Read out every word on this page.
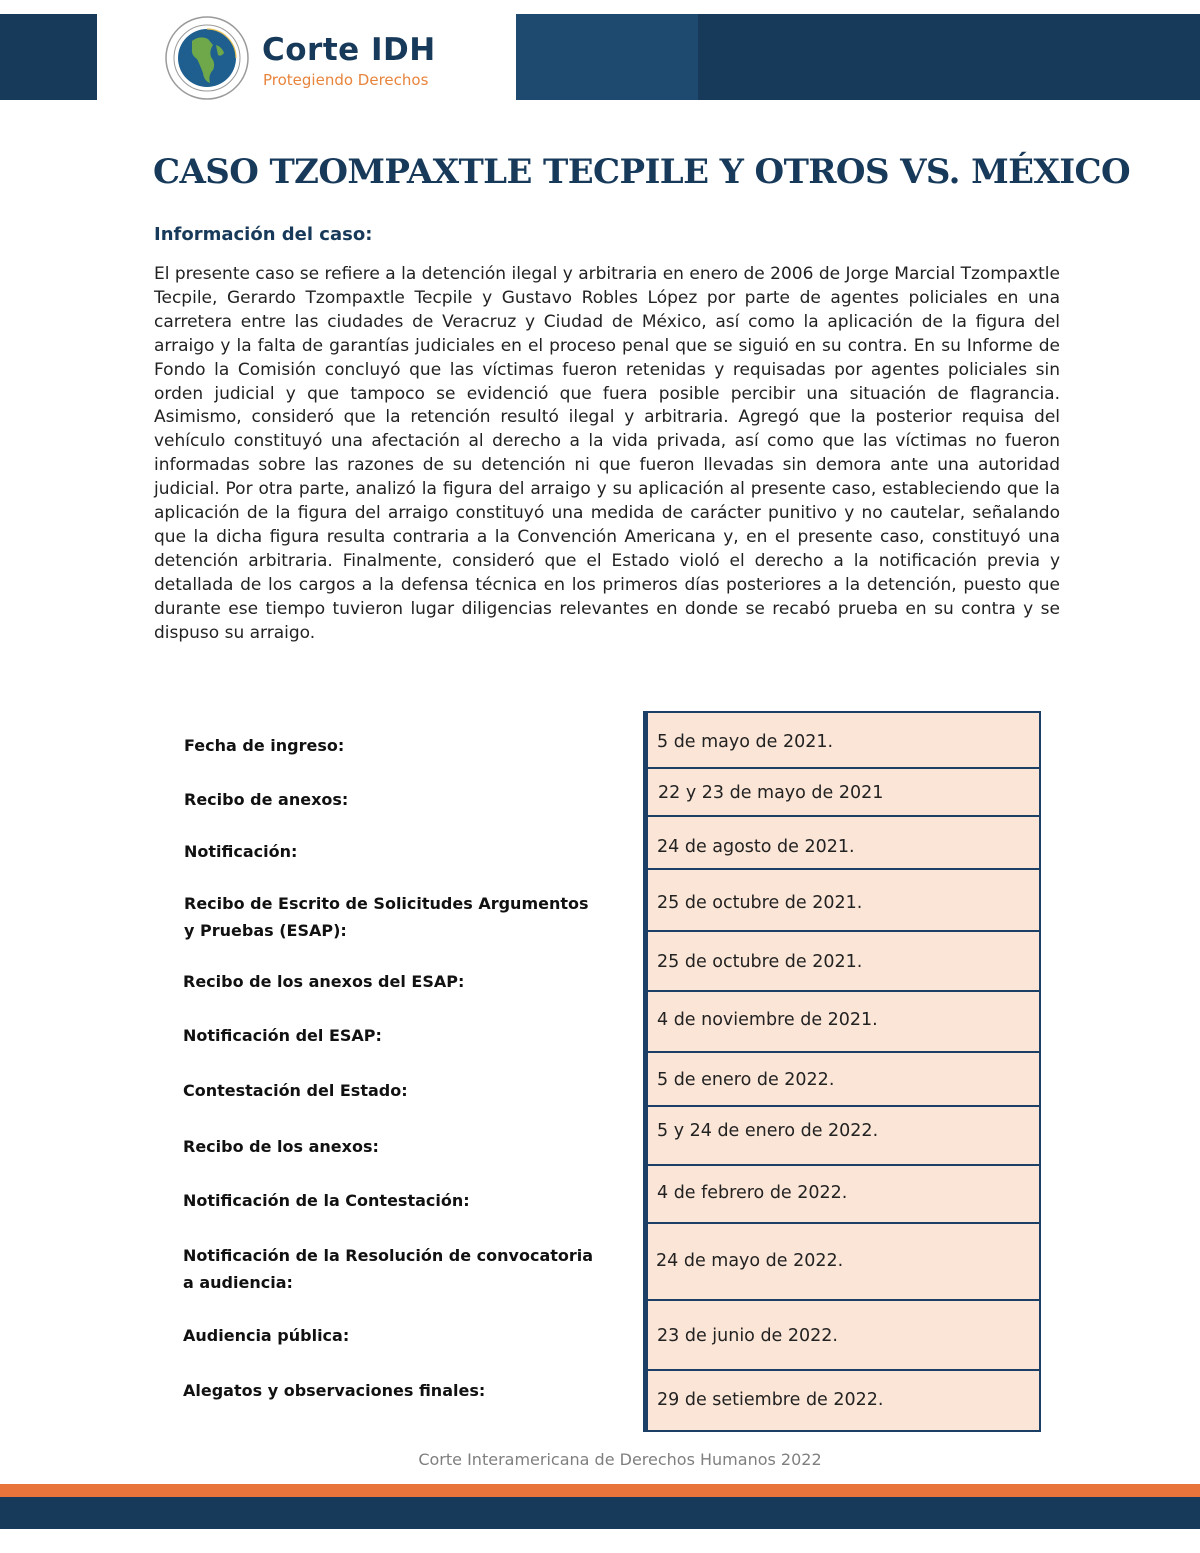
Corte IDH
Protegiendo Derechos
CASO TZOMPAXTLE TECPILE Y OTROS VS. MÉXICO
Información del caso:

El presente caso se refiere a la detención ilegal y arbitraria en enero de 2006 de Jorge Marcial Tzompaxtle Tecpile, Gerardo Tzompaxtle Tecpile y Gustavo Robles López por parte de agentes policiales en una carretera entre las ciudades de Veracruz y Ciudad de México, así como la aplicación de la figura del arraigo y la falta de garantías judiciales en el proceso penal que se siguió en su contra. En su Informe de Fondo la Comisión concluyó que las víctimas fueron retenidas y requisadas por agentes policiales sin orden judicial y que tampoco se evidenció que fuera posible percibir una situación de flagrancia. Asimismo, consideró que la retención resultó ilegal y arbitraria. Agregó que la posterior requisa del vehículo constituyó una afectación al derecho a la vida privada, así como que las víctimas no fueron informadas sobre las razones de su detención ni que fueron llevadas sin demora ante una autoridad judicial. Por otra parte, analizó la figura del arraigo y su aplicación al presente caso, estableciendo que la aplicación de la figura del arraigo constituyó una medida de carácter punitivo y no cautelar, señalando que la dicha figura resulta contraria a la Convención Americana y, en el presente caso, constituyó una detención arbitraria. Finalmente, consideró que el Estado violó el derecho a la notificación previa y detallada de los cargos a la defensa técnica en los primeros días posteriores a la detención, puesto que durante ese tiempo tuvieron lugar diligencias relevantes en donde se recabó prueba en su contra y se dispuso su arraigo.

Fecha de ingreso:
Recibo de anexos:
Notificación:
Recibo de Escrito de Solicitudes Argumentos y Pruebas (ESAP):
Recibo de los anexos del ESAP:
Notificación del ESAP:
Contestación del Estado:
Recibo de los anexos:
Notificación de la Contestación:
Notificación de la Resolución de convocatoria a audiencia:
Audiencia pública:
Alegatos y observaciones finales:
5 de mayo de 2021.
22 y 23 de mayo de 2021
24 de agosto de 2021.
25 de octubre de 2021.
25 de octubre de 2021.
4 de noviembre de 2021.
5 de enero de 2022.
5 y 24 de enero de 2022.
4 de febrero de 2022.
24 de mayo de 2022.
23 de junio de 2022.
29 de setiembre de 2022.
Corte Interamericana de Derechos Humanos 2022
